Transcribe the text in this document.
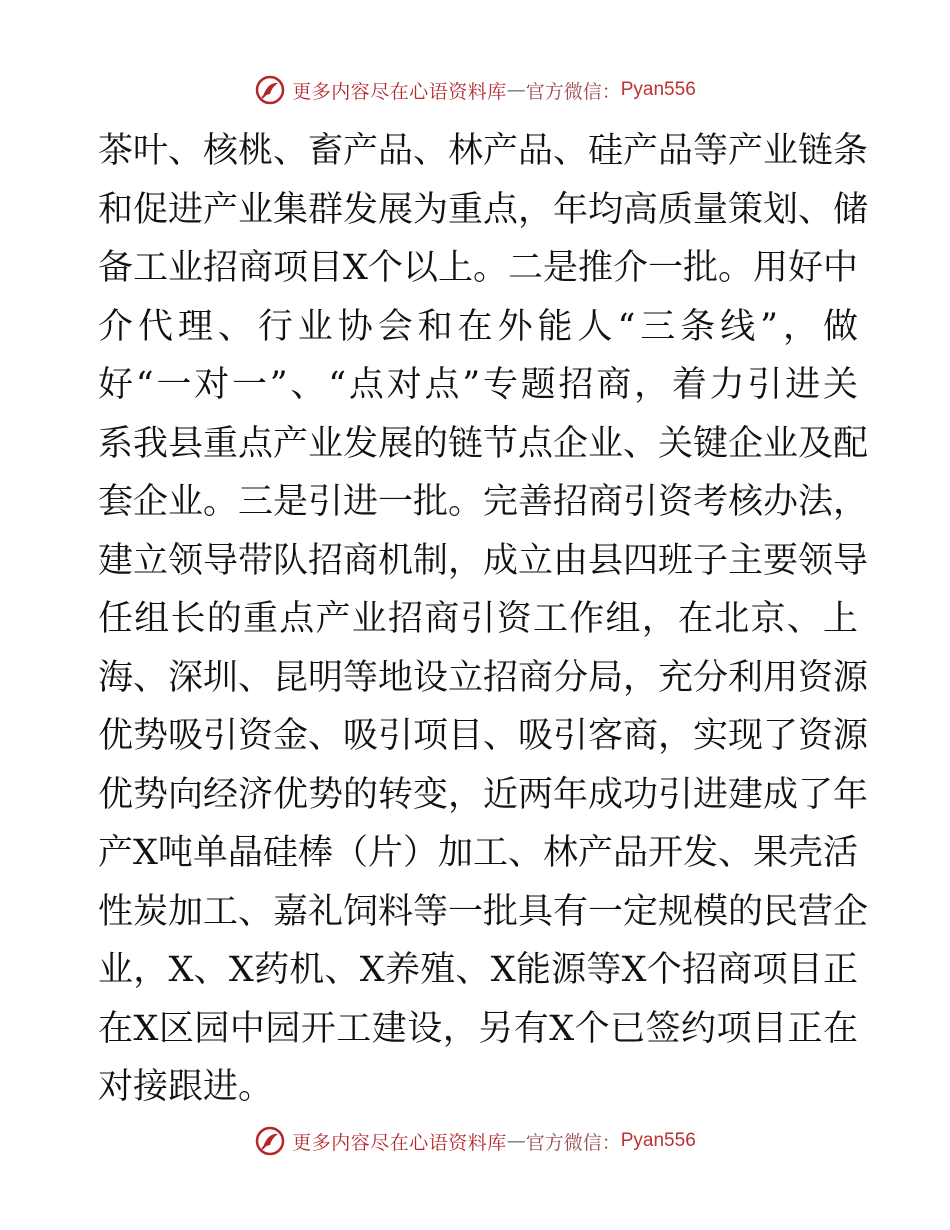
更多内容尽在心语资料库 — 官方微信： Pyan556
茶叶、核桃、畜产品、林产品、硅产品等产业链条
和促进产业集群发展为重点，年均高质量策划、储
备工业招商项目X个以上。二是推介一批。用好中
介代理、行业协会和在外能人“三条线”，做
好“一对一”、“点对点”专题招商，着力引进关
系我县重点产业发展的链节点企业、关键企业及配
套企业。三是引进一批。完善招商引资考核办法，
建立领导带队招商机制，成立由县四班子主要领导
任组长的重点产业招商引资工作组，在北京、上
海、深圳、昆明等地设立招商分局，充分利用资源
优势吸引资金、吸引项目、吸引客商，实现了资源
优势向经济优势的转变，近两年成功引进建成了年
产X吨单晶硅棒（片）加工、林产品开发、果壳活
性炭加工、嘉礼饲料等一批具有一定规模的民营企
业，X、X药机、X养殖、X能源等X个招商项目正
在X区园中园开工建设，另有X个已签约项目正在
对接跟进。
更多内容尽在心语资料库 — 官方微信： Pyan556
